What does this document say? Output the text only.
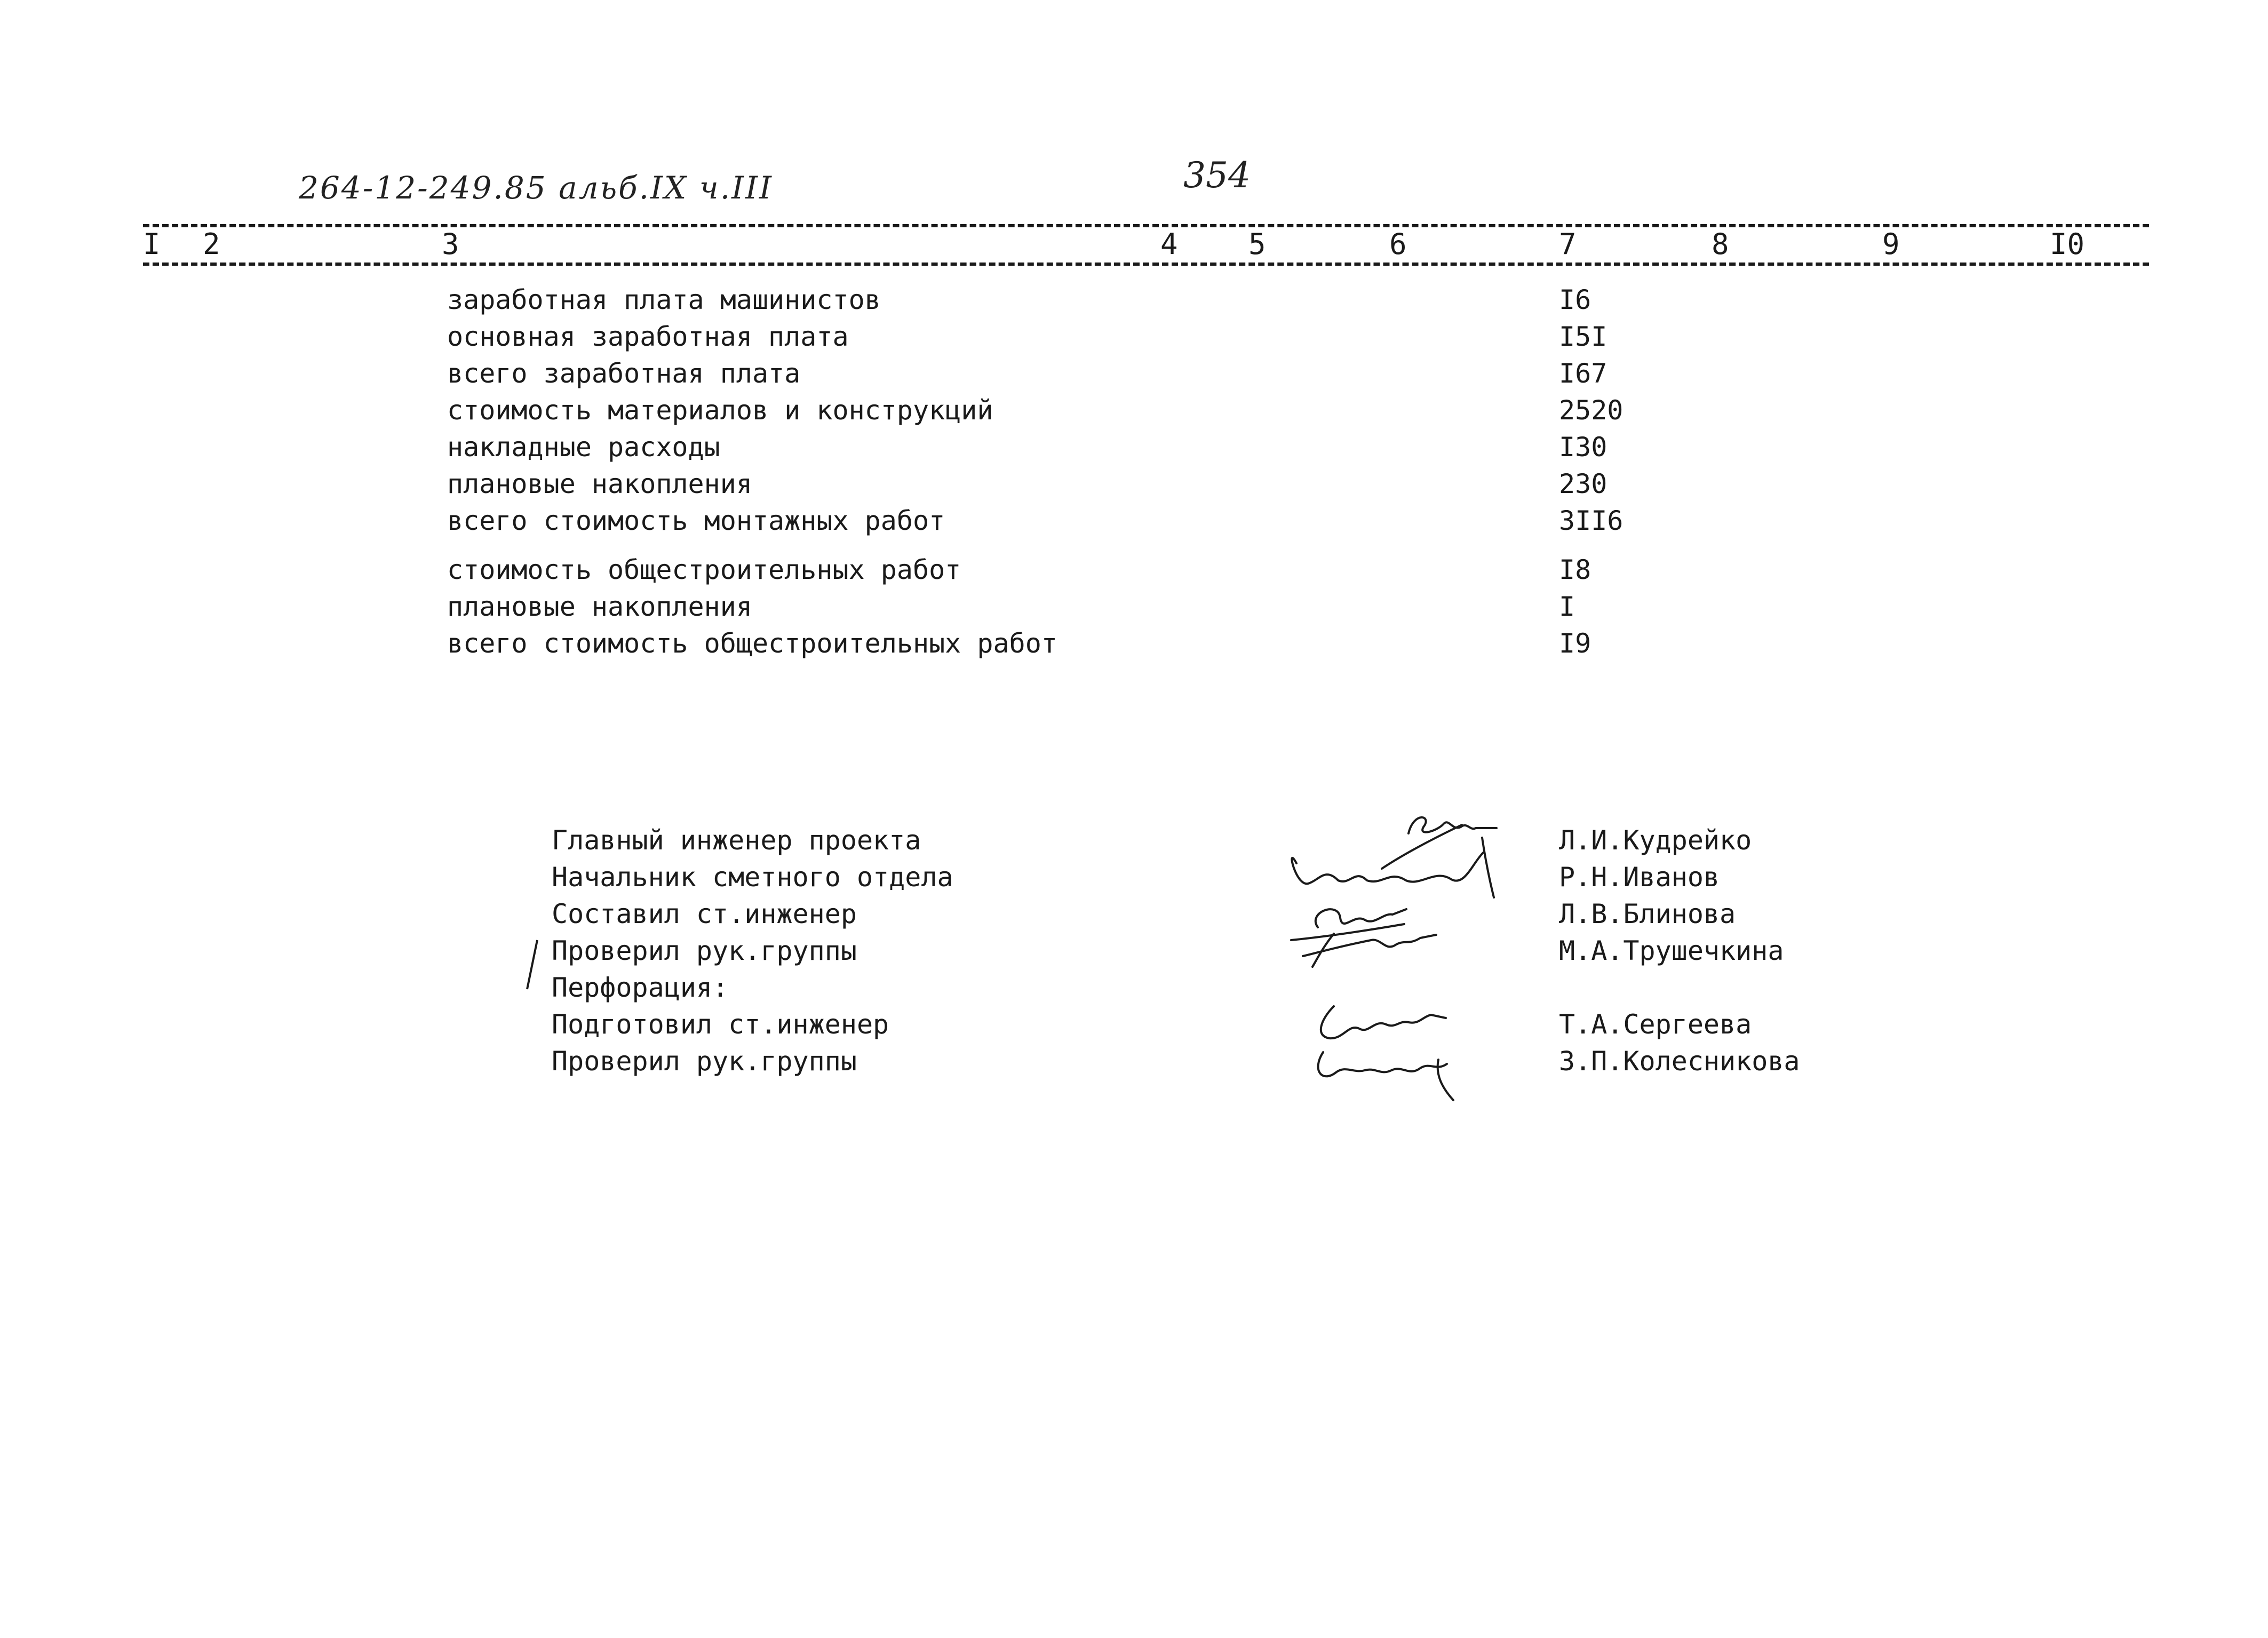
264-12-249.85 альб.IX ч.III	354
I 2	3	4 5	6	7	8	9	I0
заработная плата машинистов	I6
основная заработная плата	I5I
всего заработная плата	I67
стоимость материалов и конструкций	2520
накладные расходы	I30
плановые накопления	230
всего стоимость монтажных работ	3II6
стоимость общестроительных работ	I8
плановые накопления	I
всего стоимость общестроительных работ	I9
Главный инженер проекта	Л.И.Кудрейко
Начальник сметного отдела	Р.Н.Иванов
Составил ст.инженер	Л.В.Блинова
Проверил рук.группы	М.А.Трушечкина
Перфорация:
Подготовил ст.инженер	Т.А.Сергеева
Проверил рук.группы	З.П.Колесникова
